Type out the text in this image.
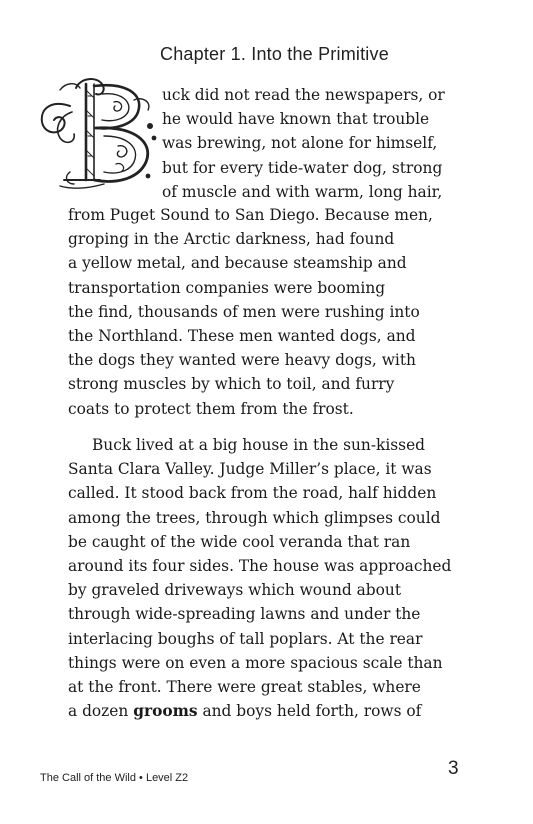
Chapter 1. Into the Primitive
uck did not read the newspapers, or
he would have known that trouble
was brewing, not alone for himself,
but for every tide-water dog, strong
of muscle and with warm, long hair,
from Puget Sound to San Diego. Because men,
groping in the Arctic darkness, had found
a yellow metal, and because steamship and
transportation companies were booming
the find, thousands of men were rushing into
the Northland. These men wanted dogs, and
the dogs they wanted were heavy dogs, with
strong muscles by which to toil, and furry
coats to protect them from the frost.
Buck lived at a big house in the sun-kissed
Santa Clara Valley. Judge Miller’s place, it was
called. It stood back from the road, half hidden
among the trees, through which glimpses could
be caught of the wide cool veranda that ran
around its four sides. The house was approached
by graveled driveways which wound about
through wide-spreading lawns and under the
interlacing boughs of tall poplars. At the rear
things were on even a more spacious scale than
at the front. There were great stables, where
a dozen grooms and boys held forth, rows of
The Call of the Wild • Level Z2	3
